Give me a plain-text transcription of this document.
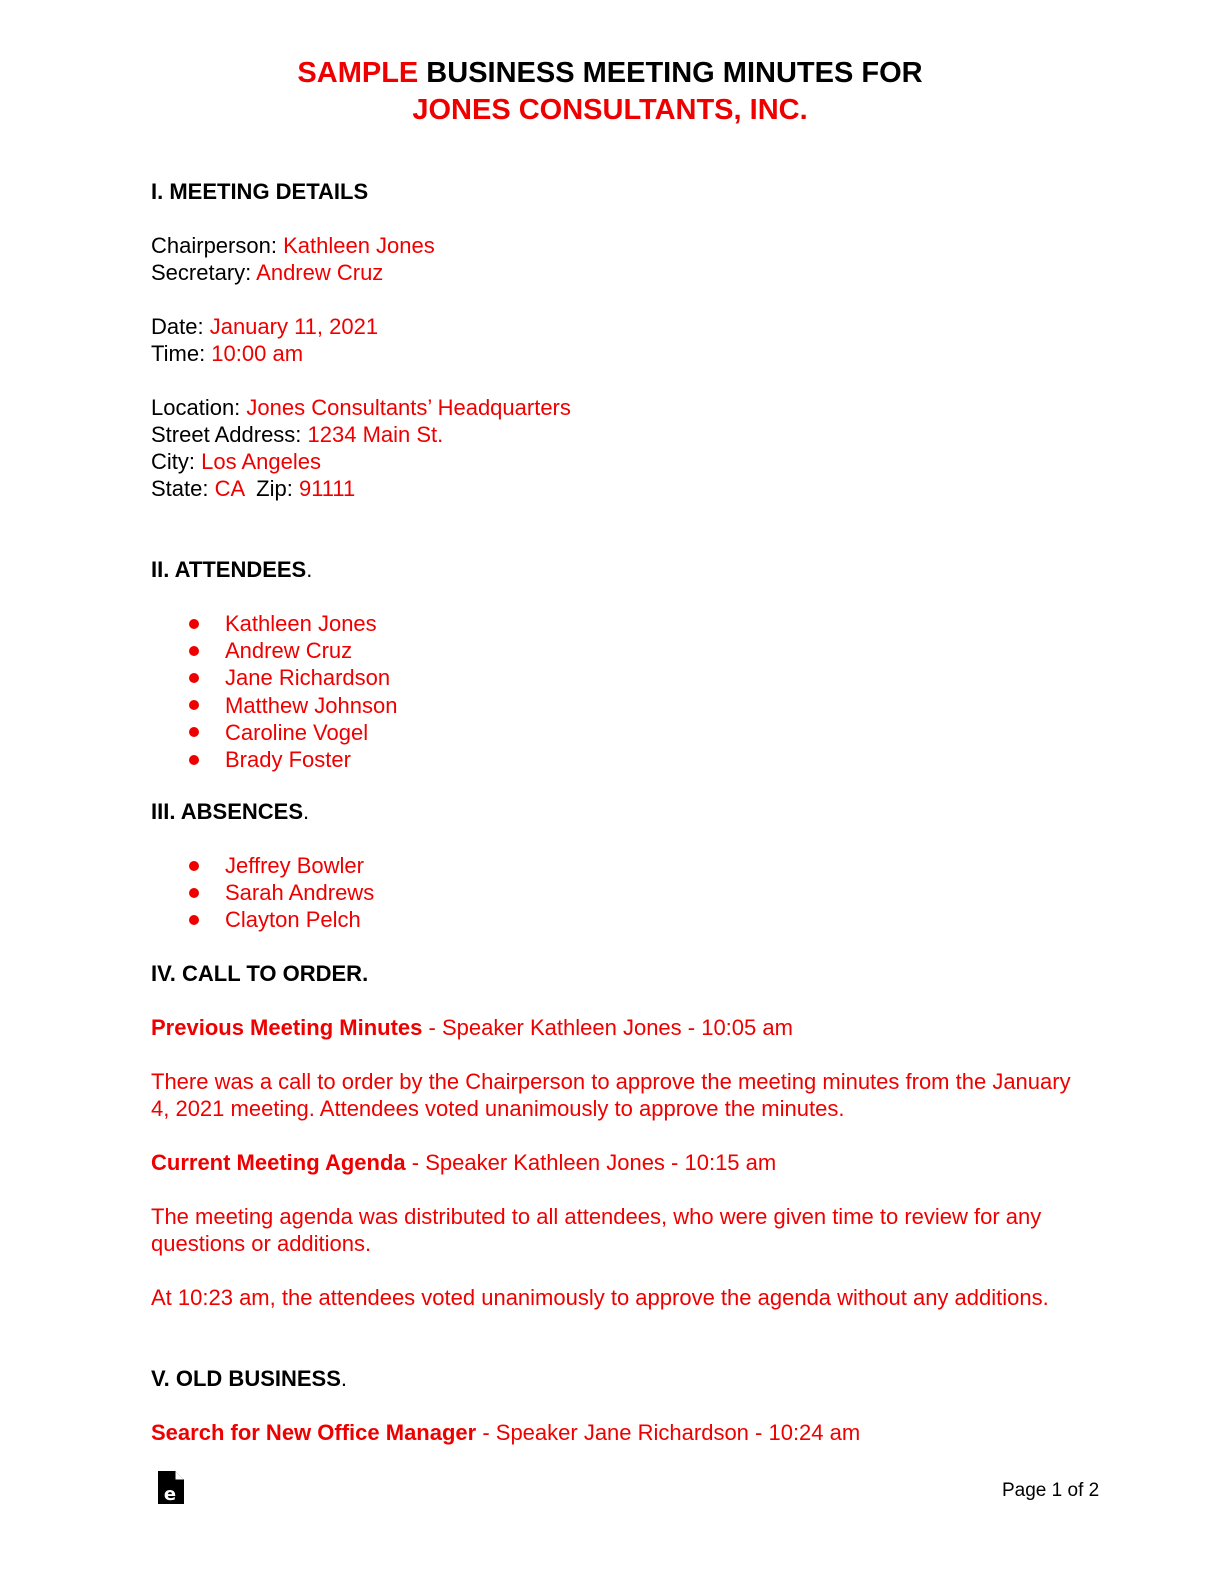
SAMPLE BUSINESS MEETING MINUTES FOR
JONES CONSULTANTS, INC.
I. MEETING DETAILS
Chairperson: Kathleen Jones
Secretary: Andrew Cruz
Date: January 11, 2021
Time: 10:00 am
Location: Jones Consultants’ Headquarters
Street Address: 1234 Main St.
City: Los Angeles
State: CA  Zip: 91111
II. ATTENDEES.
Kathleen Jones
Andrew Cruz
Jane Richardson
Matthew Johnson
Caroline Vogel
Brady Foster
III. ABSENCES.
Jeffrey Bowler
Sarah Andrews
Clayton Pelch
IV. CALL TO ORDER.
Previous Meeting Minutes - Speaker Kathleen Jones - 10:05 am
There was a call to order by the Chairperson to approve the meeting minutes from the January 4, 2021 meeting. Attendees voted unanimously to approve the minutes.
Current Meeting Agenda - Speaker Kathleen Jones - 10:15 am
The meeting agenda was distributed to all attendees, who were given time to review for any questions or additions.
At 10:23 am, the attendees voted unanimously to approve the agenda without any additions.
V. OLD BUSINESS.
Search for New Office Manager - Speaker Jane Richardson - 10:24 am
e	Page 1 of 2
